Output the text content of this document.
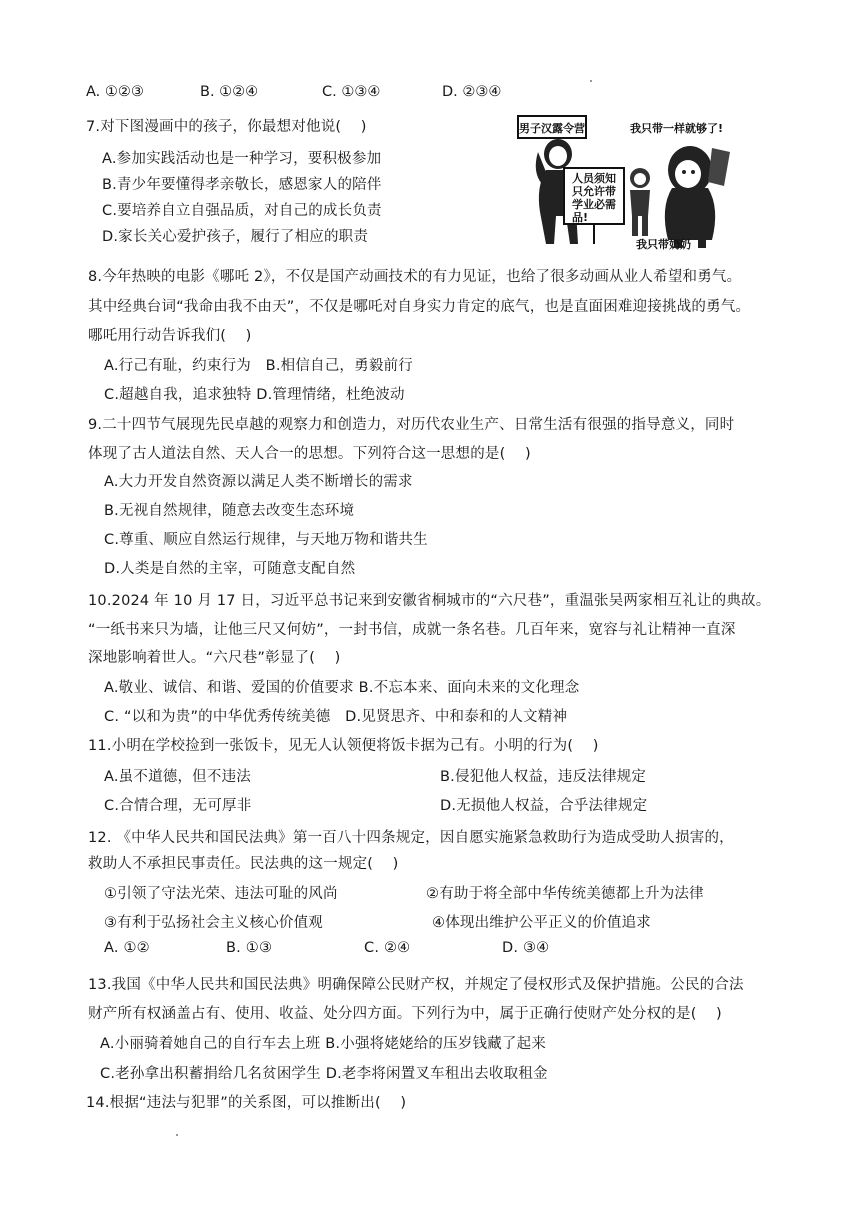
A. ①②③	B. ①②④	C. ①③④	D. ②③④
7.对下图漫画中的孩子，你最想对他说(　 )
A.参加实践活动也是一种学习，要积极参加
B.青少年要懂得孝亲敬长，感恩家人的陪伴
C.要培养自立自强品质，对自己的成长负责
D.家长关心爱护孩子，履行了相应的职责
男子汉露令营	我只带一样就够了!
人员须知
只允许带
学业必需
品!
我只带奶奶
8.今年热映的电影《哪吒 2》，不仅是国产动画技术的有力见证，也给了很多动画从业人希望和勇气。
其中经典台词“我命由我不由天”，不仅是哪吒对自身实力肯定的底气，也是直面困难迎接挑战的勇气。
哪吒用行动告诉我们(　 )
A.行己有耻，约束行为　B.相信自己，勇毅前行
C.超越自我，追求独特 D.管理情绪，杜绝波动
9.二十四节气展现先民卓越的观察力和创造力，对历代农业生产、日常生活有很强的指导意义，同时
体现了古人道法自然、天人合一的思想。下列符合这一思想的是(　 )
A.大力开发自然资源以满足人类不断增长的需求
B.无视自然规律，随意去改变生态环境
C.尊重、顺应自然运行规律，与天地万物和谐共生
D.人类是自然的主宰，可随意支配自然
10.2024 年 10 月 17 日，习近平总书记来到安徽省桐城市的“六尺巷”，重温张吴两家相互礼让的典故。
“一纸书来只为墙，让他三尺又何妨”，一封书信，成就一条名巷。几百年来，宽容与礼让精神一直深
深地影响着世人。“六尺巷”彰显了(　 )
A.敬业、诚信、和谐、爱国的价值要求 B.不忘本来、面向未来的文化理念
C. “以和为贵”的中华优秀传统美德　D.见贤思齐、中和泰和的人文精神
11.小明在学校捡到一张饭卡，见无人认领便将饭卡据为己有。小明的行为(　 )
A.虽不道德，但不违法	B.侵犯他人权益，违反法律规定
C.合情合理，无可厚非	D.无损他人权益，合乎法律规定
12. 《中华人民共和国民法典》第一百八十四条规定，因自愿实施紧急救助行为造成受助人损害的，
救助人不承担民事责任。民法典的这一规定(　 )
①引领了守法光荣、违法可耻的风尚	②有助于将全部中华传统美德都上升为法律
③有利于弘扬社会主义核心价值观	④体现出维护公平正义的价值追求
A. ①②	B. ①③	C. ②④	D. ③④
13.我国《中华人民共和国民法典》明确保障公民财产权，并规定了侵权形式及保护措施。公民的合法
财产所有权涵盖占有、使用、收益、处分四方面。下列行为中，属于正确行使财产处分权的是(　 )
A.小丽骑着她自己的自行车去上班 B.小强将姥姥给的压岁钱藏了起来
C.老孙拿出积蓄捐给几名贫困学生 D.老李将闲置叉车租出去收取租金
14.根据“违法与犯罪”的关系图，可以推断出(　 )
